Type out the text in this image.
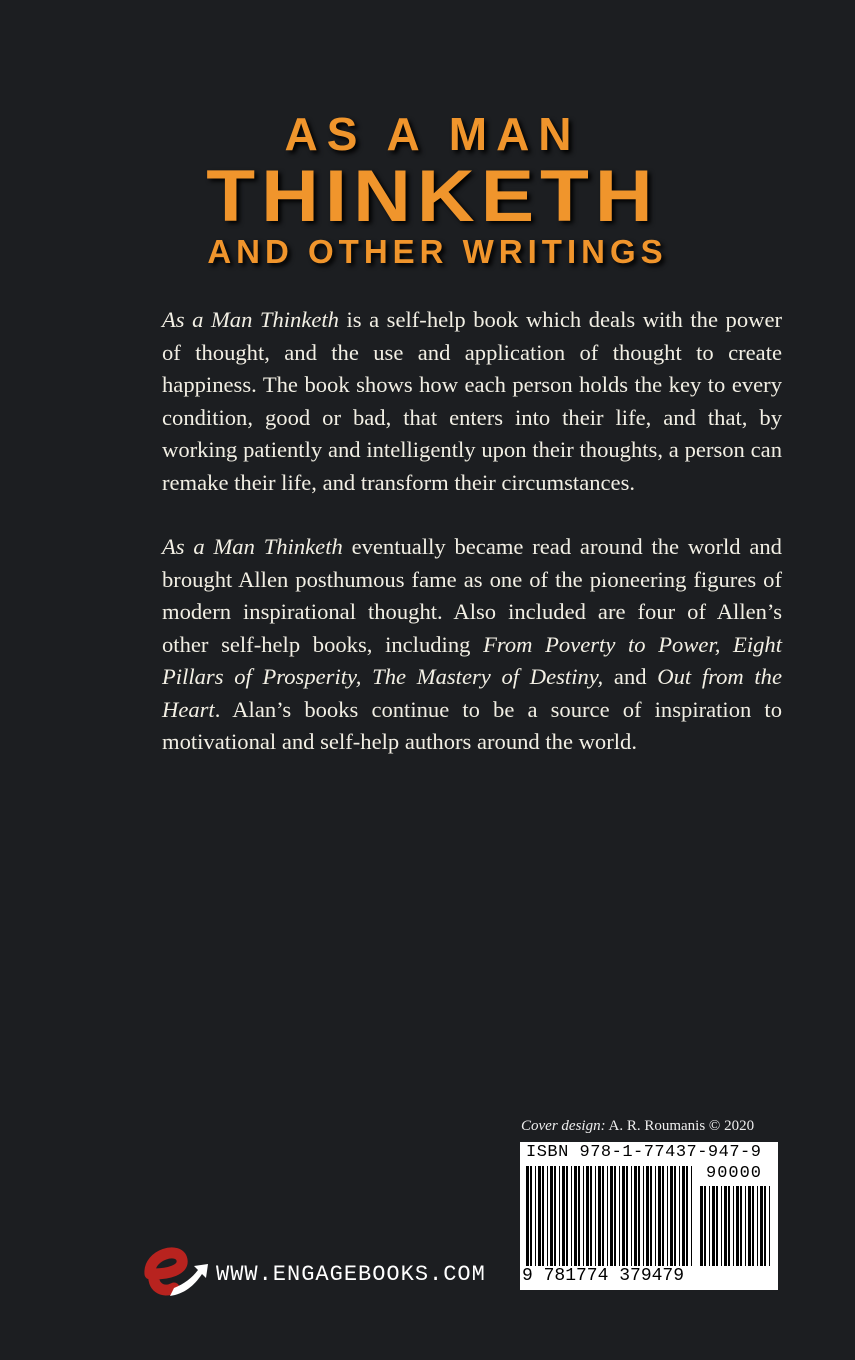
AS A MAN
THINKETH
AND OTHER WRITINGS

As a Man Thinketh is a self-help book which deals with the power of thought, and the use and application of thought to create happiness. The book shows how each person holds the key to every condition, good or bad, that enters into their life, and that, by working patiently and intelligently upon their thoughts, a person can remake their life, and transform their circumstances.

As a Man Thinketh eventually became read around the world and brought Allen posthumous fame as one of the pioneering figures of modern inspirational thought. Also included are four of Allen’s other self-help books, including From Poverty to Power, Eight Pillars of Prosperity, The Mastery of Destiny, and Out from the Heart. Alan’s books continue to be a source of inspiration to motivational and self-help authors around the world.

Cover design: A. R. Roumanis © 2020
ISBN 978-1-77437-947-9
90000
9 781774 379479
WWW.ENGAGEBOOKS.COM
